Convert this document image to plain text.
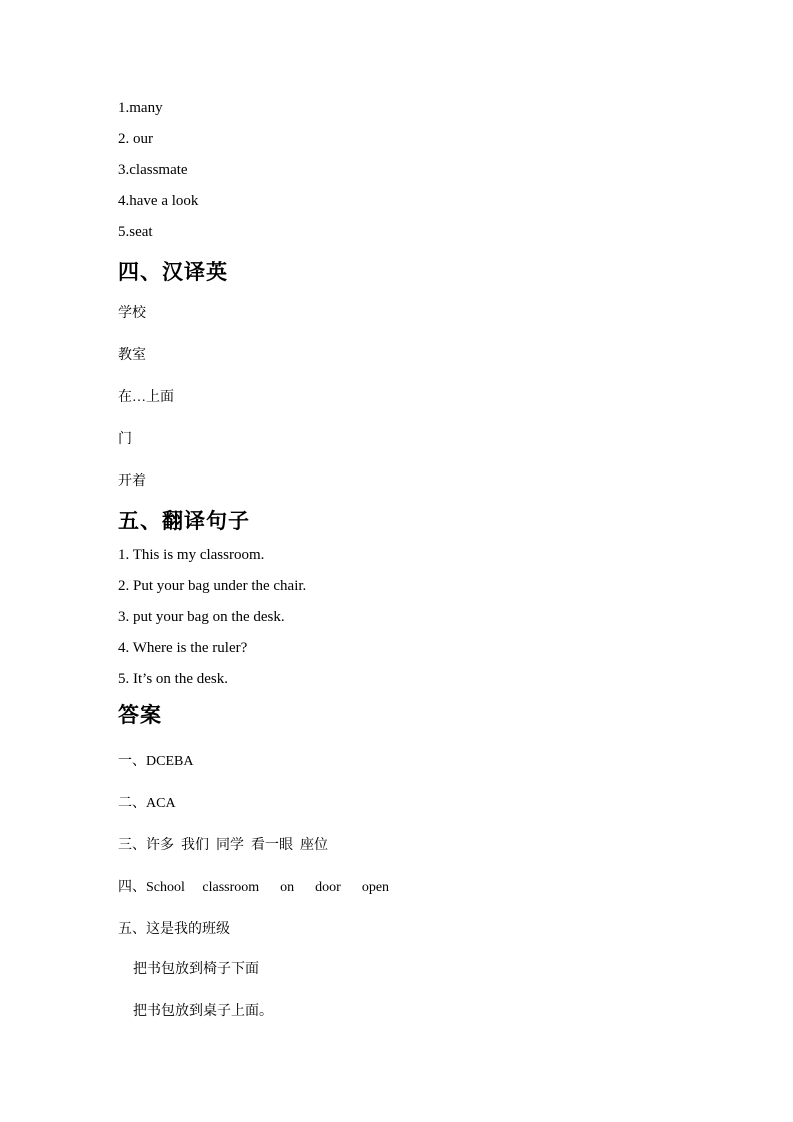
1.many

2. our

3.classmate

4.have a look

5.seat

四、汉译英

学校

教室

在…上面

门

开着

五、翻译句子

1. This is my classroom.

2. Put your bag under the chair.

3. put your bag on the desk.

4. Where is the ruler?

5. It’s on the desk.

答案

一、DCEBA

二、ACA

三、许多  我们  同学  看一眼  座位

四、School     classroom      on      door      open

五、这是我的班级

把书包放到椅子下面

把书包放到桌子上面。
